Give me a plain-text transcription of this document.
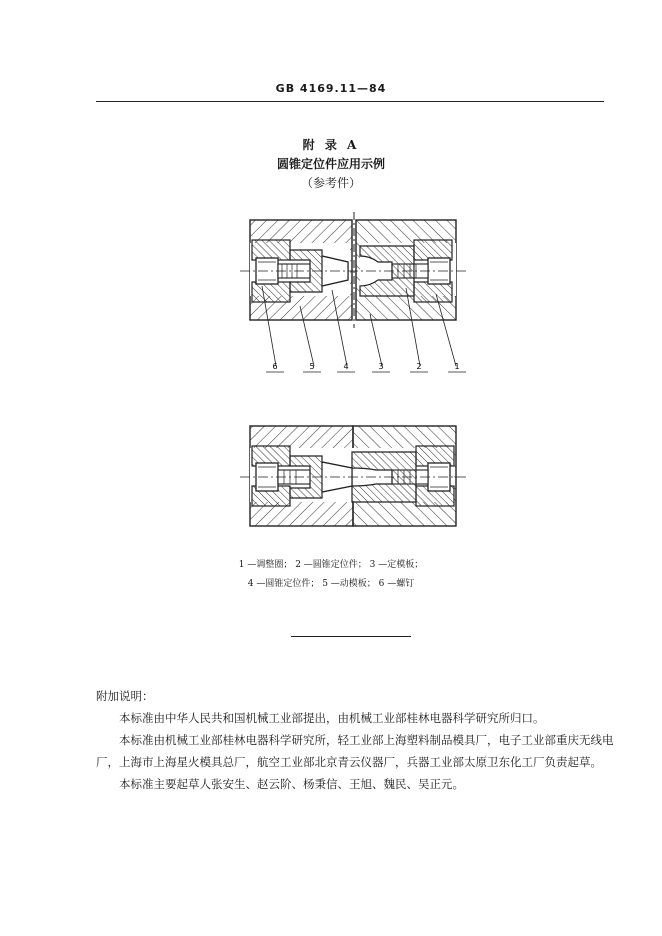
GB 4169.11—84
附 录 A
圆锥定位件应用示例
（参考件）
6	5	4	3	2	1
1 —调整圈； 2 —圆锥定位件； 3 —定模板；
4 —圆锥定位件； 5 —动模板； 6 —螺钉

附加说明：

本标准由中华人民共和国机械工业部提出，由机械工业部桂林电器科学研究所归口。

本标准由机械工业部桂林电器科学研究所，轻工业部上海塑料制品模具厂，电子工业部重庆无线电厂，上海市上海星火模具总厂，航空工业部北京青云仪器厂，兵器工业部太原卫东化工厂负责起草。

本标准主要起草人张安生、赵云阶、杨秉信、王旭、魏民、吴正元。
